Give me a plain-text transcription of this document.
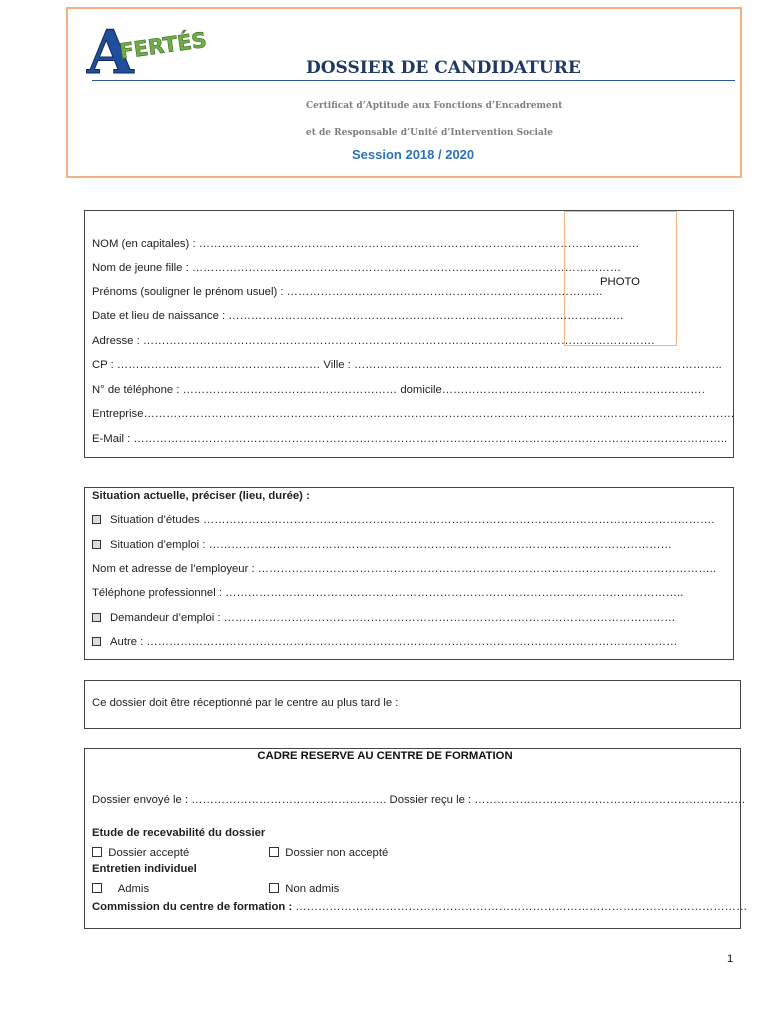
A
FERTÉS
DOSSIER DE CANDIDATURE
Certificat d’Aptitude aux Fonctions d’Encadrement
et de Responsable d’Unité d’Intervention Sociale
Session 2018 / 2020
PHOTO
NOM (en capitales) : ………………………………………………………………………………………………………
Nom de jeune fille : ……………………………………………………………………………………………………
Prénoms (souligner le prénom usuel) : …………………………………………………………………………
Date et lieu de naissance : ……………………………………………………………………………………………
Adresse : ……………………………………………………………………………………………………………………….
CP : ……………………………………………… Ville : ……………………………………………………………………………………..
N° de téléphone : ………………………………………………… domicile…………………………………………………………….
Entreprise………………………………………………………………………………………………………………………………………….
E-Mail : …………………………………………………………………………………………………………………………………………..
Situation actuelle, préciser (lieu, durée) :
Situation d’études ……………………………………………………………………………………………………………………….
Situation d’emploi : ……………………………………………………………………………………………………………
Nom et adresse de l’employeur : …………………………………………………………………………………………………………..
Téléphone professionnel : …………………………………………………………………………………………………………..
Demandeur d’emploi : …………………………………………………………………………………………………………
Autre : ……………………………………………………………………………………………………………………………
Ce dossier doit être réceptionné par le centre au plus tard le :
CADRE RESERVE AU CENTRE DE FORMATION
Dossier envoyé le : ……………………………………………. Dossier reçu le : ………………………………………………………………
Etude de recevabilité du dossier
Dossier accepté	Dossier non accepté
Entretien individuel
Admis	Non admis
Commission du centre de formation : …………………………………………………………………………………………………………
1
